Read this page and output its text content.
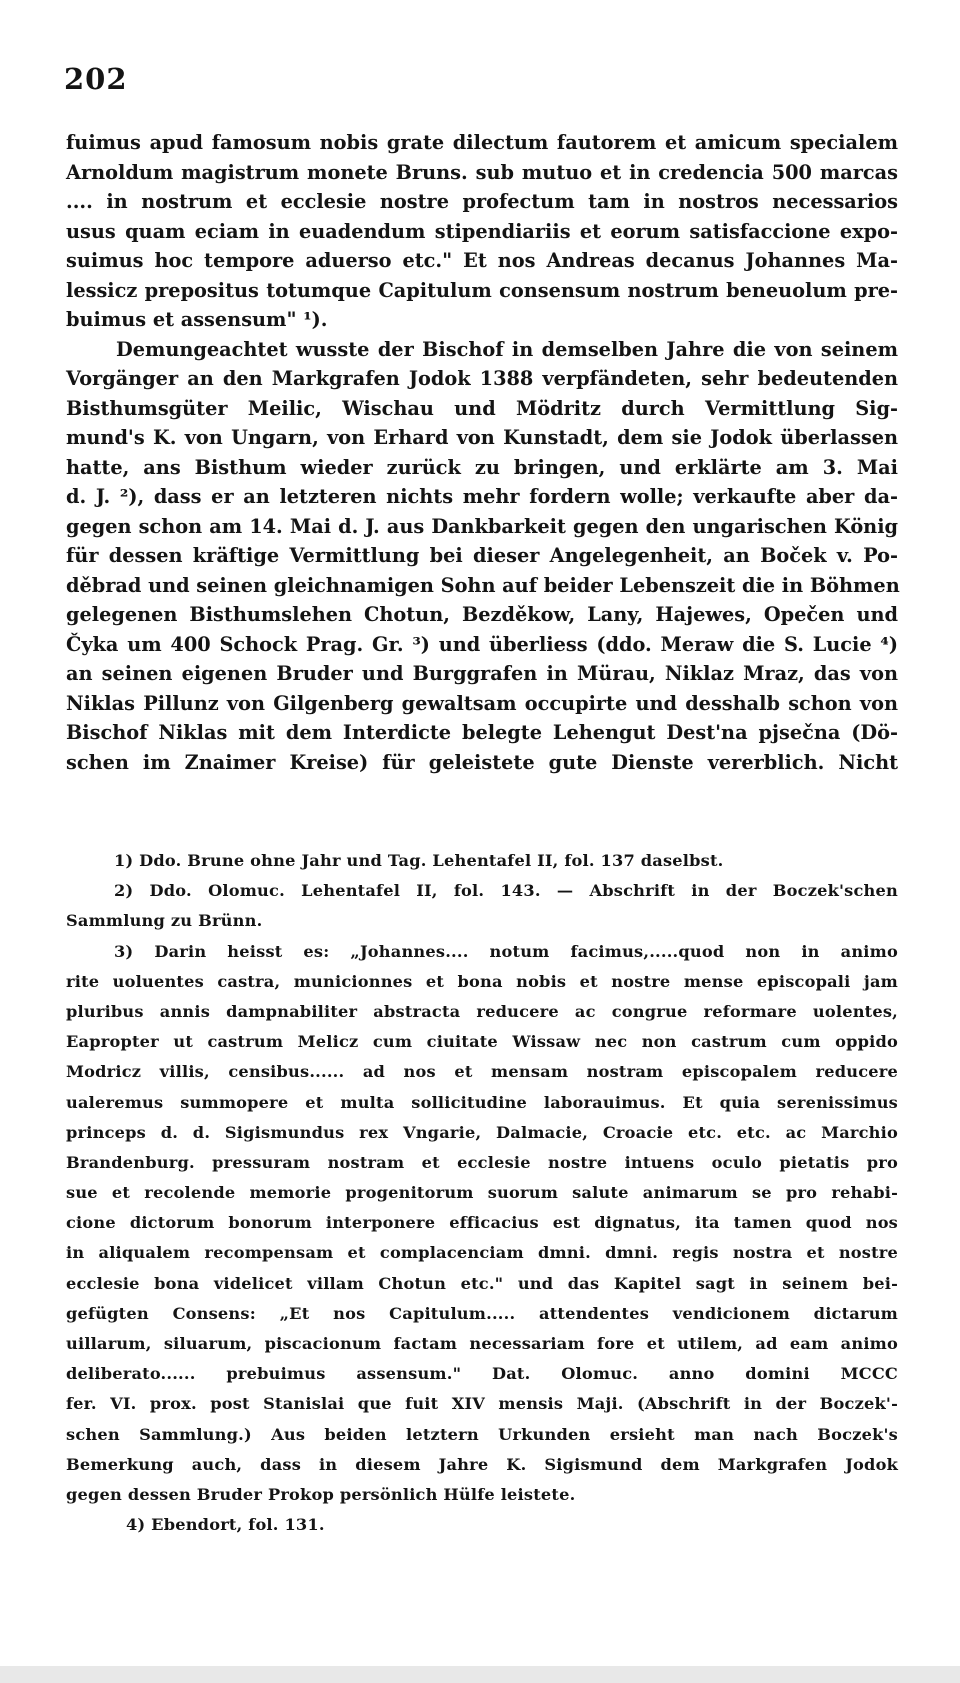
202
fuimus apud famosum nobis grate dilectum fautorem et amicum specialem
Arnoldum magistrum monete Bruns. sub mutuo et in credencia 500 marcas
.... in nostrum et ecclesie nostre profectum tam in nostros necessarios
usus quam eciam in euadendum stipendiariis et eorum satisfaccione expo-
suimus hoc tempore aduerso etc." Et nos Andreas decanus Johannes Ma-
lessicz prepositus totumque Capitulum consensum nostrum beneuolum pre-
buimus et assensum" ¹).
Demungeachtet wusste der Bischof in demselben Jahre die von seinem
Vorgänger an den Markgrafen Jodok 1388 verpfändeten, sehr bedeutenden
Bisthumsgüter Meilic, Wischau und Mödritz durch Vermittlung Sig-
mund's K. von Ungarn, von Erhard von Kunstadt, dem sie Jodok überlassen
hatte, ans Bisthum wieder zurück zu bringen, und erklärte am 3. Mai
d. J. ²), dass er an letzteren nichts mehr fordern wolle; verkaufte aber da-
gegen schon am 14. Mai d. J. aus Dankbarkeit gegen den ungarischen König
für dessen kräftige Vermittlung bei dieser Angelegenheit, an Boček v. Po-
děbrad und seinen gleichnamigen Sohn auf beider Lebenszeit die in Böhmen
gelegenen Bisthumslehen Chotun, Bezděkow, Lany, Hajewes, Opečen und
Čyka um 400 Schock Prag. Gr. ³) und überliess (ddo. Meraw die S. Lucie ⁴)
an seinen eigenen Bruder und Burggrafen in Mürau, Niklaz Mraz, das von
Niklas Pillunz von Gilgenberg gewaltsam occupirte und desshalb schon von
Bischof Niklas mit dem Interdicte belegte Lehengut Dest'na pjsečna (Dö-
schen im Znaimer Kreise) für geleistete gute Dienste vererblich. Nicht
1) Ddo. Brune ohne Jahr und Tag. Lehentafel II, fol. 137 daselbst.
2) Ddo. Olomuc. Lehentafel II, fol. 143. — Abschrift in der Boczek'schen
Sammlung zu Brünn.
3) Darin heisst es: „Johannes.... notum facimus,.....quod non in animo
rite uoluentes castra, municionnes et bona nobis et nostre mense episcopali jam
pluribus annis dampnabiliter abstracta reducere ac congrue reformare uolentes,
Eapropter ut castrum Melicz cum ciuitate Wissaw nec non castrum cum oppido
Modricz villis, censibus...... ad nos et mensam nostram episcopalem reducere
ualeremus summopere et multa sollicitudine laborauimus. Et quia serenissimus
princeps d. d. Sigismundus rex Vngarie, Dalmacie, Croacie etc. etc. ac Marchio
Brandenburg. pressuram nostram et ecclesie nostre intuens oculo pietatis pro
sue et recolende memorie progenitorum suorum salute animarum se pro rehabi-
cione dictorum bonorum interponere efficacius est dignatus, ita tamen quod nos
in aliqualem recompensam et complacenciam dmni. dmni. regis nostra et nostre
ecclesie bona videlicet villam Chotun etc." und das Kapitel sagt in seinem bei-
gefügten Consens: „Et nos Capitulum..... attendentes vendicionem dictarum
uillarum, siluarum, piscacionum factam necessariam fore et utilem, ad eam animo
deliberato...... prebuimus assensum." Dat. Olomuc. anno domini MCCC
fer. VI. prox. post Stanislai que fuit XIV mensis Maji. (Abschrift in der Boczek'-
schen Sammlung.) Aus beiden letztern Urkunden ersieht man nach Boczek's
Bemerkung auch, dass in diesem Jahre K. Sigismund dem Markgrafen Jodok
gegen dessen Bruder Prokop persönlich Hülfe leistete.
4) Ebendort, fol. 131.
